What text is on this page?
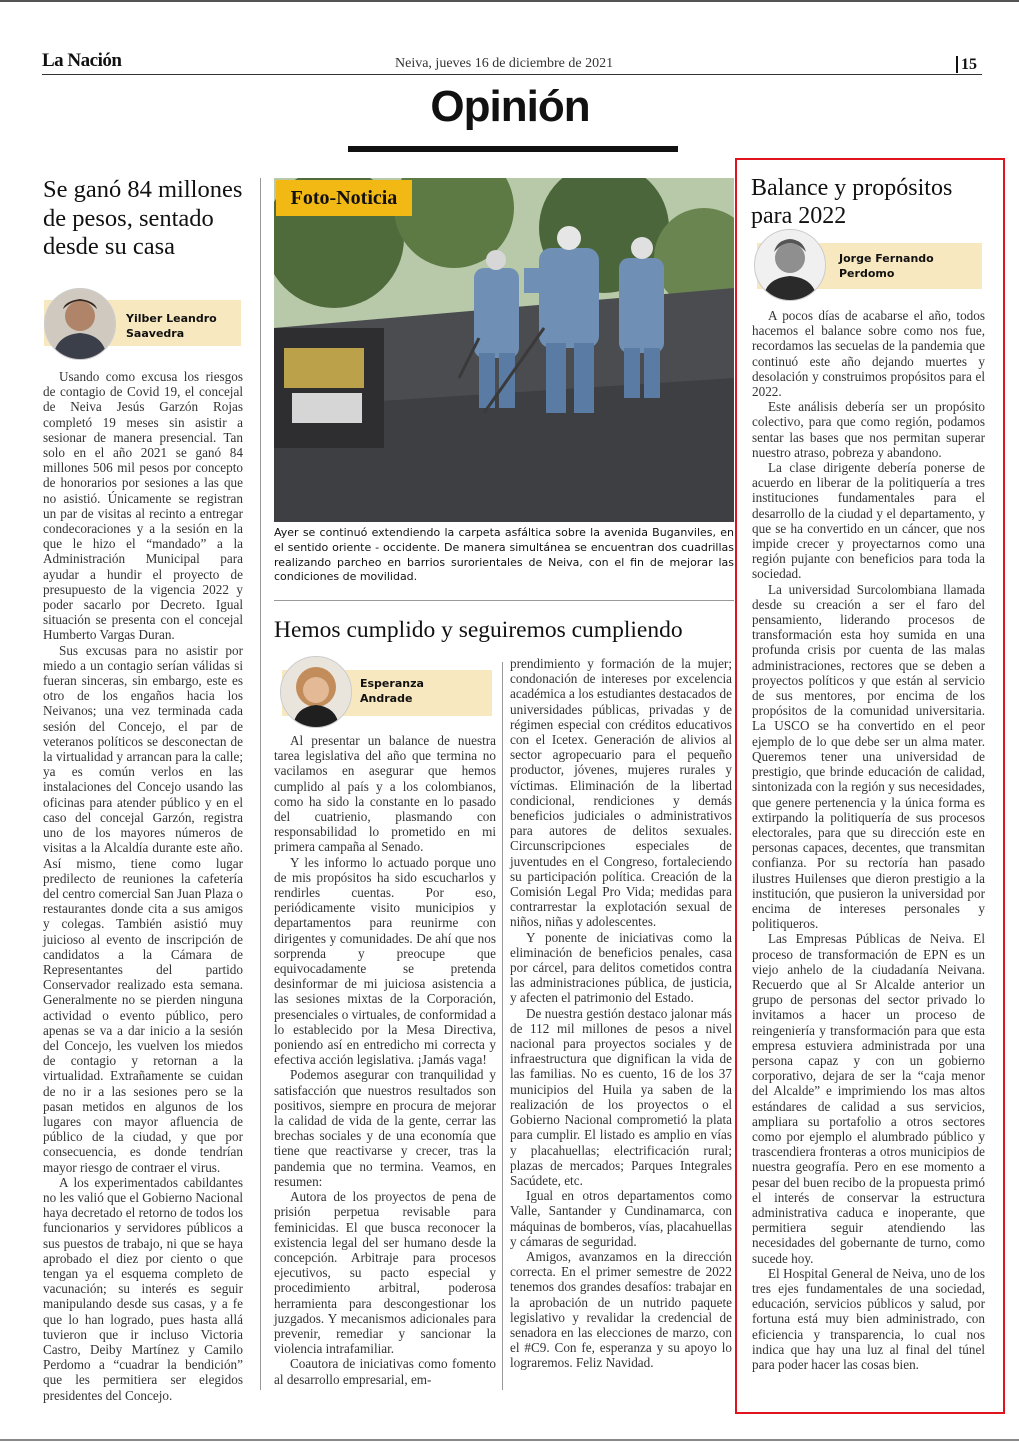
La Nación	Neiva, jueves 16 de diciembre de 2021	15
Opinión
Se ganó 84 millones de pesos, sentado desde su casa
Yilber Leandro
Saavedra

Usando como excusa los riesgos de contagio de Covid 19, el concejal de Neiva Jesús Garzón Rojas completó 19 meses sin asistir a sesionar de manera presencial. Tan solo en el año 2021 se ganó 84 millones 506 mil pesos por concepto de honorarios por sesiones a las que no asistió. Únicamente se registran un par de visitas al recinto a entregar condecoraciones y a la sesión en la que le hizo el “mandado” a la Administración Municipal para ayudar a hundir el proyecto de presupuesto de la vigencia 2022 y poder sacarlo por Decreto. Igual situación se presenta con el concejal Humberto Vargas Duran.

Sus excusas para no asistir por miedo a un contagio serían válidas si fueran sinceras, sin embargo, este es otro de los engaños hacia los Neivanos; una vez terminada cada sesión del Concejo, el par de veteranos políticos se desconectan de la virtualidad y arrancan para la calle; ya es común verlos en las instalaciones del Concejo usando las oficinas para atender público y en el caso del concejal Garzón, registra uno de los mayores números de visitas a la Alcaldía durante este año. Así mismo, tiene como lugar predilecto de reuniones la cafetería del centro comercial San Juan Plaza o restaurantes donde cita a sus amigos y colegas. También asistió muy juicioso al evento de inscripción de candidatos a la Cámara de Representantes del partido Conservador realizado esta semana. Generalmente no se pierden ninguna actividad o evento público, pero apenas se va a dar inicio a la sesión del Concejo, les vuelven los miedos de contagio y retornan a la virtualidad. Extrañamente se cuidan de no ir a las sesiones pero se la pasan metidos en algunos de los lugares con mayor afluencia de público de la ciudad, y que por consecuencia, es donde tendrían mayor riesgo de contraer el virus.

A los experimentados cabildantes no les valió que el Gobierno Nacional haya decretado el retorno de todos los funcionarios y servidores públicos a sus puestos de trabajo, ni que se haya aprobado el diez por ciento o que tengan ya el esquema completo de vacunación; su interés es seguir manipulando desde sus casas, y a fe que lo han logrado, pues hasta allá tuvieron que ir incluso Victoria Castro, Deiby Martínez y Camilo Perdomo a “cuadrar la bendición” que les permitiera ser elegidos presidentes del Concejo.

Foto-Noticia
Ayer se continuó extendiendo la carpeta asfáltica sobre la avenida Buganviles, en el sentido oriente - occidente. De manera simultánea se encuentran dos cuadrillas realizando parcheo en barrios surorientales de Neiva, con el fin de mejorar las condiciones de movilidad.
Hemos cumplido y seguiremos cumpliendo
Esperanza
Andrade

Al presentar un balance de nuestra tarea legislativa del año que termina no vacilamos en asegurar que hemos cumplido al país y a los colombianos, como ha sido la constante en lo pasado del cuatrienio, plasmando con responsabilidad lo prometido en mi primera campaña al Senado.

Y les informo lo actuado porque uno de mis propósitos ha sido escucharlos y rendirles cuentas. Por eso, periódicamente visito municipios y departamentos para reunirme con dirigentes y comunidades. De ahí que nos sorprenda y preocupe que equivocadamente se pretenda desinformar de mi juiciosa asistencia a las sesiones mixtas de la Corporación, presenciales o virtuales, de conformidad a lo establecido por la Mesa Directiva, poniendo así en entredicho mi correcta y efectiva acción legislativa. ¡Jamás vaga!

Podemos asegurar con tranquilidad y satisfacción que nuestros resultados son positivos, siempre en procura de mejorar la calidad de vida de la gente, cerrar las brechas sociales y de una economía que tiene que reactivarse y crecer, tras la pandemia que no termina. Veamos, en resumen:

Autora de los proyectos de pena de prisión perpetua revisable para feminicidas. El que busca reconocer la existencia legal del ser humano desde la concepción. Arbitraje para procesos ejecutivos, su pacto especial y procedimiento arbitral, poderosa herramienta para descongestionar los juzgados. Y mecanismos adicionales para prevenir, remediar y sancionar la violencia intrafamiliar.

Coautora de iniciativas como fomento al desarrollo empresarial, em-

prendimiento y formación de la mujer; condonación de intereses por excelencia académica a los estudiantes destacados de universidades públicas, privadas y de régimen especial con créditos educativos con el Icetex. Generación de alivios al sector agropecuario para el pequeño productor, jóvenes, mujeres rurales y víctimas. Eliminación de la libertad condicional, rendiciones y demás beneficios judiciales o administrativos para autores de delitos sexuales. Circunscripciones especiales de juventudes en el Congreso, fortaleciendo su participación política. Creación de la Comisión Legal Pro Vida; medidas para contrarrestar la explotación sexual de niños, niñas y adolescentes.

Y ponente de iniciativas como la eliminación de beneficios penales, casa por cárcel, para delitos cometidos contra las administraciones pública, de justicia, y afecten el patrimonio del Estado.

De nuestra gestión destaco jalonar más de 112 mil millones de pesos a nivel nacional para proyectos sociales y de infraestructura que dignifican la vida de las familias. No es cuento, 16 de los 37 municipios del Huila ya saben de la realización de los proyectos o el Gobierno Nacional comprometió la plata para cumplir. El listado es amplio en vías y placahuellas; electrificación rural; plazas de mercados; Parques Integrales Sacúdete, etc.

Igual en otros departamentos como Valle, Santander y Cundinamarca, con máquinas de bomberos, vías, placahuellas y cámaras de seguridad.

Amigos, avanzamos en la dirección correcta. En el primer semestre de 2022 tenemos dos grandes desafíos: trabajar en la aprobación de un nutrido paquete legislativo y revalidar la credencial de senadora en las elecciones de marzo, con el #C9. Con fe, esperanza y su apoyo lo lograremos. Feliz Navidad.

Balance y propósitos para 2022
Jorge Fernando
Perdomo

A pocos días de acabarse el año, todos hacemos el balance sobre como nos fue, recordamos las secuelas de la pandemia que continuó este año dejando muertes y desolación y construimos propósitos para el 2022.

Este análisis debería ser un propósito colectivo, para que como región, podamos sentar las bases que nos permitan superar nuestro atraso, pobreza y abandono.

La clase dirigente debería ponerse de acuerdo en liberar de la politiquería a tres instituciones fundamentales para el desarrollo de la ciudad y el departamento, y que se ha convertido en un cáncer, que nos impide crecer y proyectarnos como una región pujante con beneficios para toda la sociedad.

La universidad Surcolombiana llamada desde su creación a ser el faro del pensamiento, liderando procesos de transformación esta hoy sumida en una profunda crisis por cuenta de las malas administraciones, rectores que se deben a proyectos políticos y que están al servicio de sus mentores, por encima de los propósitos de la comunidad universitaria. La USCO se ha convertido en el peor ejemplo de lo que debe ser un alma mater. Queremos tener una universidad de prestigio, que brinde educación de calidad, sintonizada con la región y sus necesidades, que genere pertenencia y la única forma es extirpando la politiquería de sus procesos electorales, para que su dirección este en personas capaces, decentes, que transmitan confianza. Por su rectoría han pasado ilustres Huilenses que dieron prestigio a la institución, que pusieron la universidad por encima de intereses personales y politiqueros.

Las Empresas Públicas de Neiva. El proceso de transformación de EPN es un viejo anhelo de la ciudadanía Neivana. Recuerdo que al Sr Alcalde anterior un grupo de personas del sector privado lo invitamos a hacer un proceso de reingeniería y transformación para que esta empresa estuviera administrada por una persona capaz y con un gobierno corporativo, dejara de ser la “caja menor del Alcalde” e imprimiendo los mas altos estándares de calidad a sus servicios, ampliara su portafolio a otros sectores como por ejemplo el alumbrado público y trascendiera fronteras a otros municipios de nuestra geografía. Pero en ese momento a pesar del buen recibo de la propuesta primó el interés de conservar la estructura administrativa caduca e inoperante, que permitiera seguir atendiendo las necesidades del gobernante de turno, como sucede hoy.

El Hospital General de Neiva, uno de los tres ejes fundamentales de una sociedad, educación, servicios públicos y salud, por fortuna está muy bien administrado, con eficiencia y transparencia, lo cual nos indica que hay una luz al final del túnel para poder hacer las cosas bien.
